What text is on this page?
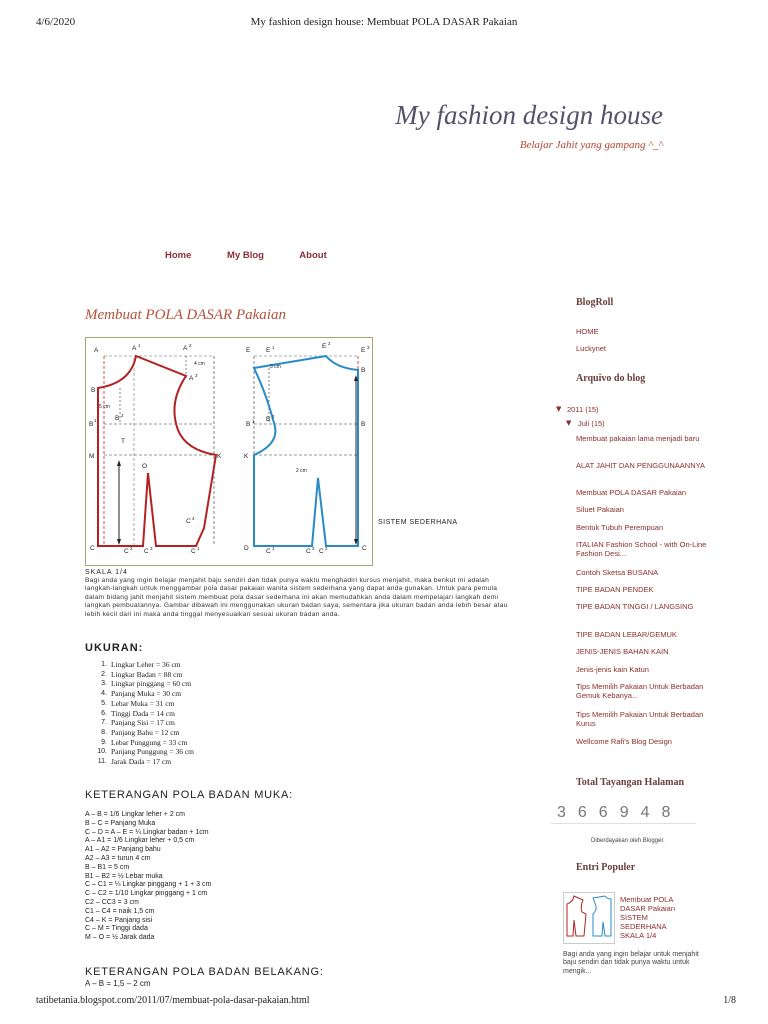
4/6/2020	My fashion design house: Membuat POLA DASAR Pakaian
My fashion design house
Belajar Jahit yang gampang ^_^
Home	My Blog	About
Membuat POLA DASAR Pakaian
A	A 1	A 2
A 3
4 cm
B
5 cm
B
1	B 2
T
M
O
K
C	C 2 C 3	C 1
C 4
E E 1
3 cm
E 2
E 3
B
B 1 B 2
B
K
2 cm
D	C 1	C 3 C 2	C
SISTEM SEDERHANA
SKALA 1/4
Bagi anda yang ingin belajar menjahit baju sendiri dan tidak punya waktu menghadiri kursus menjahit, maka berikut ini adalah langkah-langkah untuk menggambar pola dasar pakaian wanita sistem sederhana yang dapat anda gunakan. Untuk para pemula dalam bidang jahit menjahit sistem membuat pola dasar sederhana ini akan memudahkan anda dalam mempelajari langkah demi langkah pembuatannya. Gambar dibawah ini menggunakan ukuran badan saya, sementara jika ukuran badan anda lebih besar atau lebih kecil dari ini maka anda tinggal menyesuaikan sesuai ukuran badan anda.
UKURAN:
1. Lingkar Leher = 36 cm
2. Lingkar Badan = 88 cm
3. Lingkar pinggang = 60 cm
4. Panjang Muka = 30 cm
5. Lebar Muka = 31 cm
6. Tinggi Dada = 14 cm
7. Panjang Sisi = 17 cm
8. Panjang Bahu = 12 cm
9. Lebar Punggung = 33 cm
10. Panjang Punggung = 36 cm
11. Jarak Dada = 17 cm
KETERANGAN POLA BADAN MUKA:
A – B = 1/6 Lingkar leher + 2 cm
B – C = Panjang Muka
C – D = A – E = ¼ Lingkar badan + 1cm
A – A1 = 1/6 Lingkar leher + 0,5 cm
A1 – A2 = Panjang bahu
A2 – A3 = turun 4 cm
B – B1 = 5 cm
B1 – B2 = ½ Lebar muka
C – C1 = ¼ Lingkar pinggang + 1 + 3 cm
C – C2 = 1/10 Lingkar pinggang + 1 cm
C2 – CC3 = 3 cm
C1 – C4 = naik 1,5 cm
C4 – K = Panjang sisi
C – M = Tinggi dada
M – O = ½ Jarak dada
KETERANGAN POLA BADAN BELAKANG:
A – B = 1,5 – 2 cm
BlogRoll
HOME
Luckynet
Arquivo do blog
▼ 2011 (15)
▼ Juli (15)
Membuat pakaian lama menjadi baru
ALAT JAHIT DAN PENGGUNAANNYA
Membuat POLA DASAR Pakaian
Siluet Pakaian
Bentuk Tubuh Perempuan
ITALIAN Fashion School - with On-Line Fashion Desi...
Contoh Sketsa BUSANA
TIPE BADAN PENDEK
TIPE BADAN TINGGI / LANGSING
TIPE BADAN LEBAR/GEMUK
JENIS-JENIS BAHAN KAIN
Jenis-jenis kain Katun
Tips Memilih Pakaian Untuk Berbadan Gemuk Kebanya...
Tips Memilih Pakaian Untuk Berbadan Kurus
Wellcome Rafi's Blog Design
Total Tayangan Halaman
366948
Diberdayakan oleh Blogger.
Entri Populer
Membuat POLA DASAR Pakaian SISTEM SEDERHANA SKALA 1/4
Bagi anda yang ingin belajar untuk menjahit baju sendiri dan tidak punya waktu untuk mengik...
tatibetania.blogspot.com/2011/07/membuat-pola-dasar-pakaian.html	1/8
